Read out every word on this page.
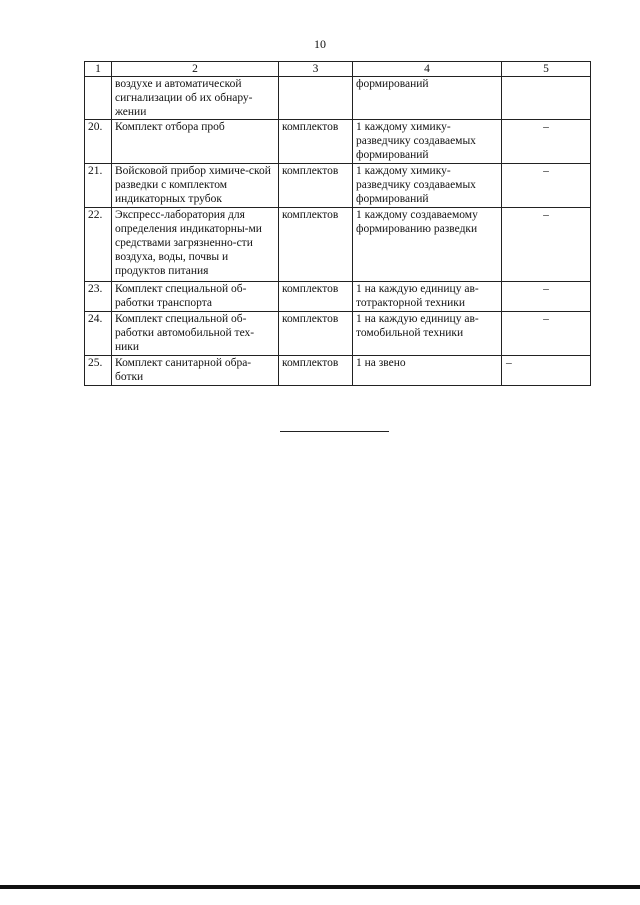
10
1	2	3	4	5
	воздухе и автоматической сигнализации об их обнару-жении		формирований	
20.	Комплект отбора проб	комплектов	1 каждому химику-разведчику создаваемых формирований	–
21.	Войсковой прибор химиче-ской разведки с комплектом индикаторных трубок	комплектов	1 каждому химику-разведчику создаваемых формирований	–
22.	Экспресс-лаборатория для определения индикаторны-ми средствами загрязненно-сти воздуха, воды, почвы и продуктов питания	комплектов	1 каждому создаваемому формированию разведки	–
23.	Комплект специальной об-работки транспорта	комплектов	1 на каждую единицу ав-тотракторной техники	–
24.	Комплект специальной об-работки автомобильной тех-ники	комплектов	1 на каждую единицу ав-томобильной техники	–
25.	Комплект санитарной обра-ботки	комплектов	1 на звено	–
